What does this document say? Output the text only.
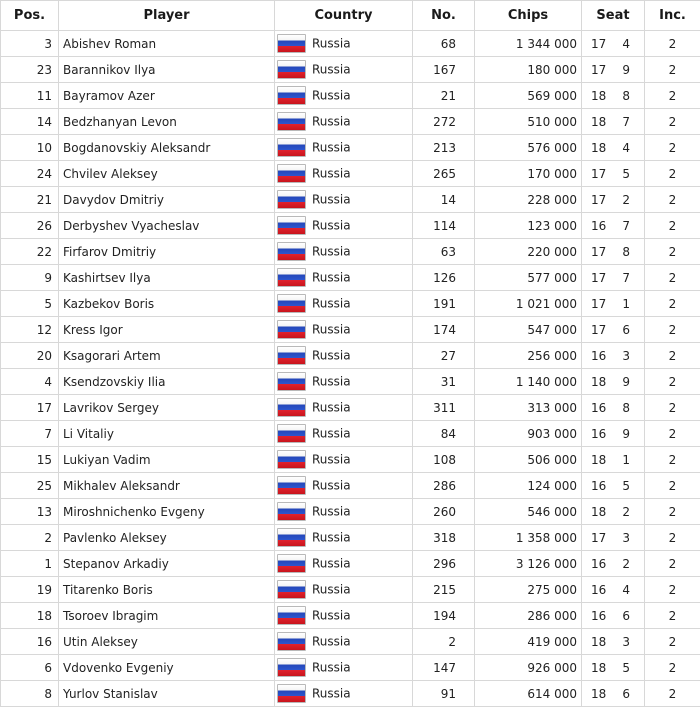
Pos.	Player	Country	No.	Chips	Seat	Inc.
3	Abishev Roman	Russia	68	1 344 000	17 4	2
23	Barannikov Ilya	Russia	167	180 000	17 9	2
11	Bayramov Azer	Russia	21	569 000	18 8	2
14	Bedzhanyan Levon	Russia	272	510 000	18 7	2
10	Bogdanovskiy Aleksandr	Russia	213	576 000	18 4	2
24	Chvilev Aleksey	Russia	265	170 000	17 5	2
21	Davydov Dmitriy	Russia	14	228 000	17 2	2
26	Derbyshev Vyacheslav	Russia	114	123 000	16 7	2
22	Firfarov Dmitriy	Russia	63	220 000	17 8	2
9	Kashirtsev Ilya	Russia	126	577 000	17 7	2
5	Kazbekov Boris	Russia	191	1 021 000	17 1	2
12	Kress Igor	Russia	174	547 000	17 6	2
20	Ksagorari Artem	Russia	27	256 000	16 3	2
4	Ksendzovskiy Ilia	Russia	31	1 140 000	18 9	2
17	Lavrikov Sergey	Russia	311	313 000	16 8	2
7	Li Vitaliy	Russia	84	903 000	16 9	2
15	Lukiyan Vadim	Russia	108	506 000	18 1	2
25	Mikhalev Aleksandr	Russia	286	124 000	16 5	2
13	Miroshnichenko Evgeny	Russia	260	546 000	18 2	2
2	Pavlenko Aleksey	Russia	318	1 358 000	17 3	2
1	Stepanov Arkadiy	Russia	296	3 126 000	16 2	2
19	Titarenko Boris	Russia	215	275 000	16 4	2
18	Tsoroev Ibragim	Russia	194	286 000	16 6	2
16	Utin Aleksey	Russia	2	419 000	18 3	2
6	Vdovenko Evgeniy	Russia	147	926 000	18 5	2
8	Yurlov Stanislav	Russia	91	614 000	18 6	2
